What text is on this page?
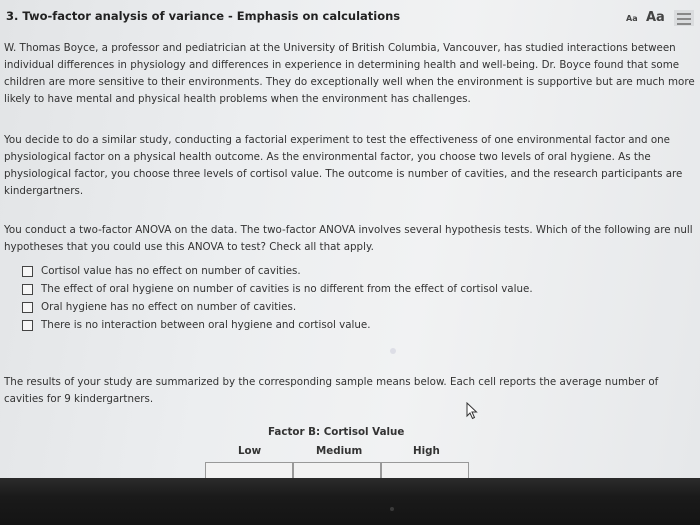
3. Two-factor analysis of variance - Emphasis on calculations	Aa Aa
W. Thomas Boyce, a professor and pediatrician at the University of British Columbia, Vancouver, has studied interactions between individual differences in physiology and differences in experience in determining health and well-being. Dr. Boyce found that some children are more sensitive to their environments. They do exceptionally well when the environment is supportive but are much more likely to have mental and physical health problems when the environment has challenges.
You decide to do a similar study, conducting a factorial experiment to test the effectiveness of one environmental factor and one physiological factor on a physical health outcome. As the environmental factor, you choose two levels of oral hygiene. As the physiological factor, you choose three levels of cortisol value. The outcome is number of cavities, and the research participants are kindergartners.
You conduct a two-factor ANOVA on the data. The two-factor ANOVA involves several hypothesis tests. Which of the following are null hypotheses that you could use this ANOVA to test? Check all that apply.
Cortisol value has no effect on number of cavities.
The effect of oral hygiene on number of cavities is no different from the effect of cortisol value.
Oral hygiene has no effect on number of cavities.
There is no interaction between oral hygiene and cortisol value.
The results of your study are summarized by the corresponding sample means below. Each cell reports the average number of cavities for 9 kindergartners.
Factor B: Cortisol Value
Low	Medium	High
